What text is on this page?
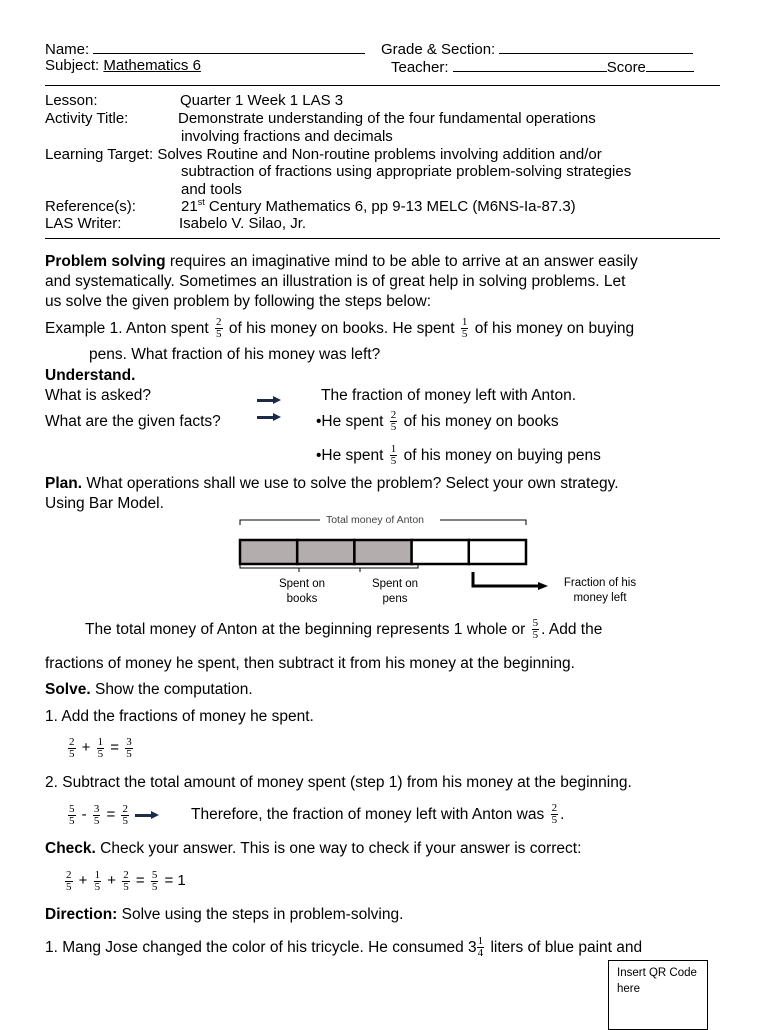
Name:	Grade & Section:
Subject: Mathematics 6	Teacher:	Score
Lesson:	Quarter 1 Week 1 LAS 3
Activity Title:	Demonstrate understanding of the four fundamental operations
involving fractions and decimals
Learning Target: Solves Routine and Non-routine problems involving addition and/or
subtraction of fractions using appropriate problem-solving strategies
and tools
Reference(s):	21st Century Mathematics 6, pp 9-13 MELC (M6NS-Ia-87.3)
LAS Writer:	Isabelo V. Silao, Jr.
Problem solving requires an imaginative mind to be able to arrive at an answer easily
and systematically. Sometimes an illustration is of great help in solving problems. Let
us solve the given problem by following the steps below:
Example 1. Anton spent $\frac{2}{5}$ of his money on books. He spent $\frac{1}{5}$ of his money on buying
pens. What fraction of his money was left?
Understand.
What is asked?	The fraction of money left with Anton.
What are the given facts?	•He spent $\frac{2}{5}$ of his money on books
•He spent $\frac{1}{5}$ of his money on buying pens
Plan. What operations shall we use to solve the problem? Select your own strategy.
Using Bar Model.
Total money of Anton
Spent on
books
Spent on
pens
Fraction of his
money left
The total money of Anton at the beginning represents 1 whole or $\frac{5}{5}$ . Add the
fractions of money he spent, then subtract it from his money at the beginning.
Solve. Show the computation.
1. Add the fractions of money he spent.
$\frac{2}{5} + \frac{1}{5} = \frac{3}{5}$
2. Subtract the total amount of money spent (step 1) from his money at the beginning.
$\frac{5}{5} - \frac{3}{5} = \frac{2}{5}$
	Therefore, the fraction of money left with Anton was $\frac{2}{5}$ .
Check. Check your answer. This is one way to check if your answer is correct:
$\frac{2}{5} + \frac{1}{5} + \frac{2}{5} = \frac{5}{5} = 1$
Direction: Solve using the steps in problem-solving.
1. Mang Jose changed the color of his tricycle. He consumed $3 \frac{1}{4}$ liters of blue paint and
Insert QR Code here
